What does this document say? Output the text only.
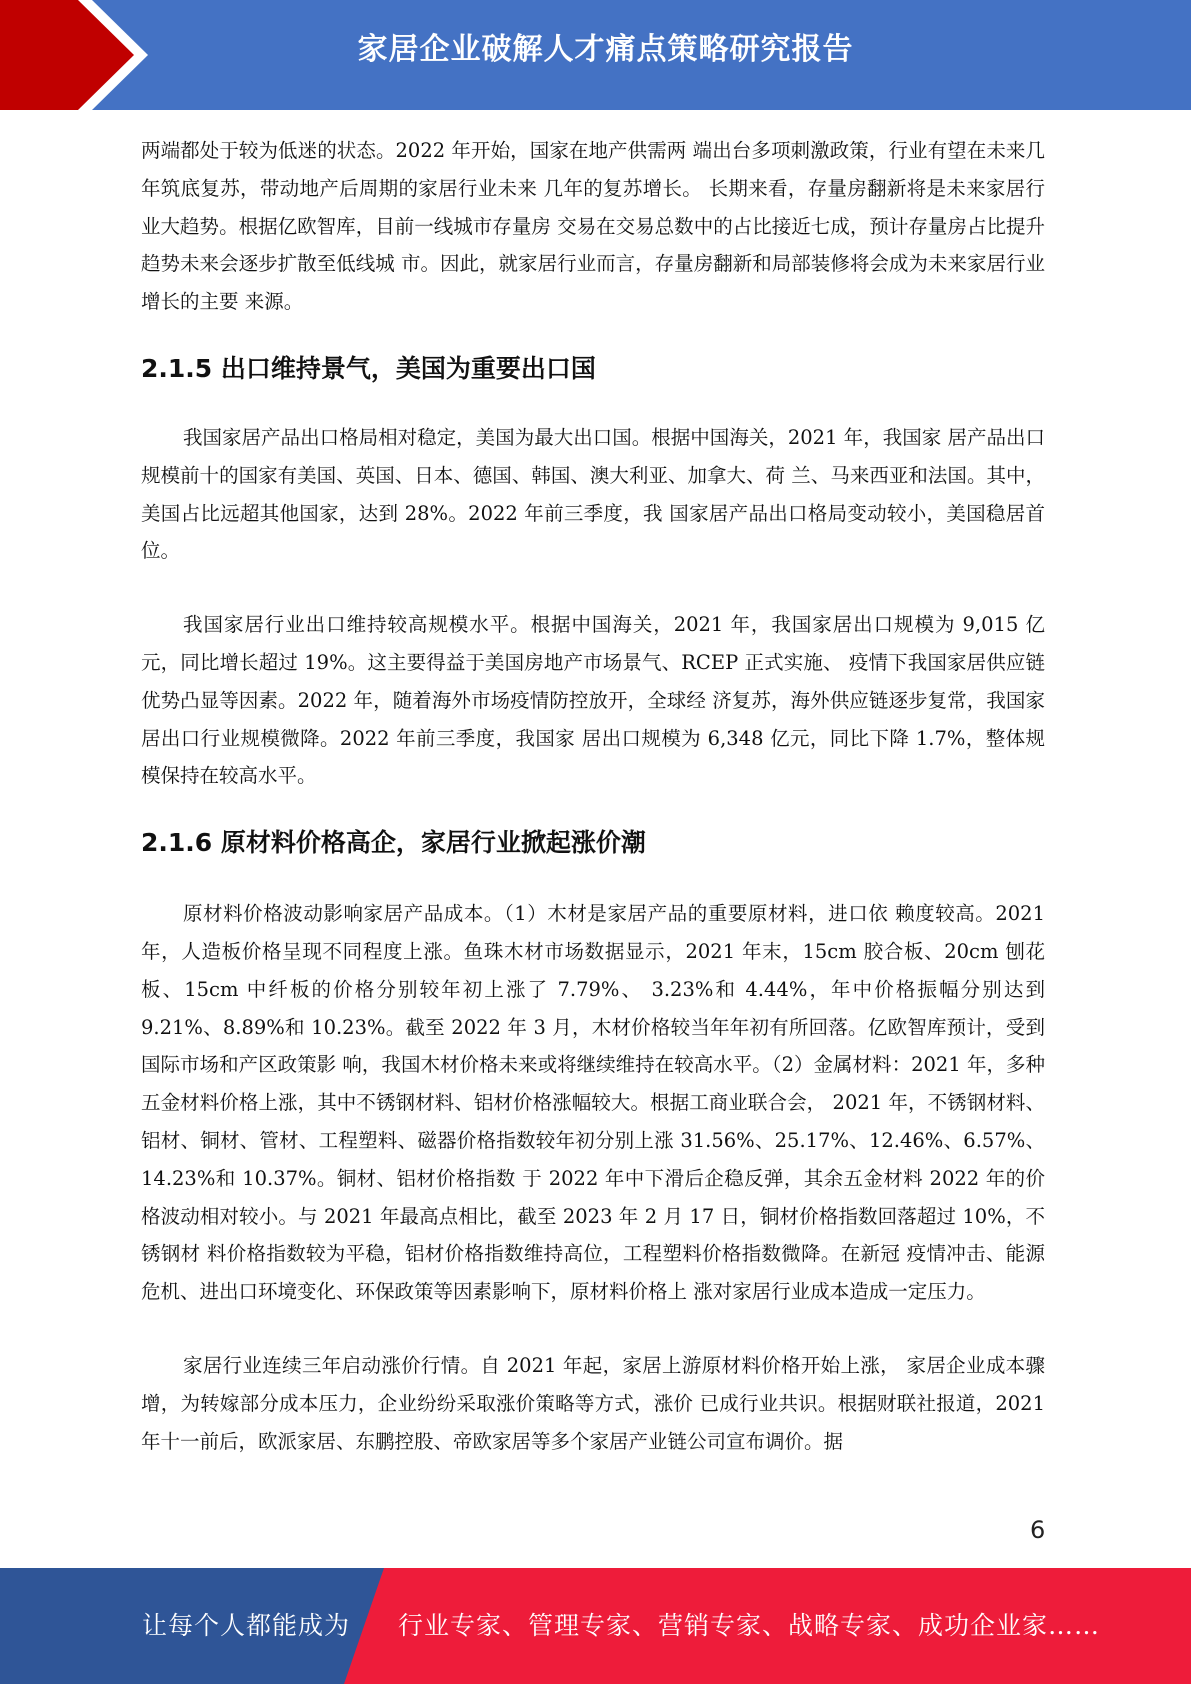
家居企业破解人才痛点策略研究报告

两端都处于较为低迷的状态。2022 年开始，国家在地产供需两 端出台多项刺激政策，行业有望在未来几年筑底复苏，带动地产后周期的家居行业未来 几年的复苏增长。 长期来看，存量房翻新将是未来家居行业大趋势。根据亿欧智库，目前一线城市存量房 交易在交易总数中的占比接近七成，预计存量房占比提升趋势未来会逐步扩散至低线城 市。因此，就家居行业而言，存量房翻新和局部装修将会成为未来家居行业增长的主要 来源。

2.1.5 出口维持景气，美国为重要出口国

我国家居产品出口格局相对稳定，美国为最大出口国。根据中国海关，2021 年，我国家 居产品出口规模前十的国家有美国、英国、日本、德国、韩国、澳大利亚、加拿大、荷 兰、马来西亚和法国。其中，美国占比远超其他国家，达到 28%。2022 年前三季度，我 国家居产品出口格局变动较小，美国稳居首位。

我国家居行业出口维持较高规模水平。根据中国海关，2021 年，我国家居出口规模为 9,015 亿元，同比增长超过 19%。这主要得益于美国房地产市场景气、RCEP 正式实施、 疫情下我国家居供应链优势凸显等因素。2022 年，随着海外市场疫情防控放开，全球经 济复苏，海外供应链逐步复常，我国家居出口行业规模微降。2022 年前三季度，我国家 居出口规模为 6,348 亿元，同比下降 1.7%，整体规模保持在较高水平。

2.1.6 原材料价格高企，家居行业掀起涨价潮

原材料价格波动影响家居产品成本。（1）木材是家居产品的重要原材料，进口依 赖度较高。2021 年，人造板价格呈现不同程度上涨。鱼珠木材市场数据显示，2021 年末，15cm 胶合板、20cm 刨花板、15cm 中纤板的价格分别较年初上涨了 7.79%、 3.23%和 4.44%，年中价格振幅分别达到 9.21%、8.89%和 10.23%。截至 2022 年 3 月，木材价格较当年年初有所回落。亿欧智库预计，受到国际市场和产区政策影 响，我国木材价格未来或将继续维持在较高水平。（2）金属材料：2021 年，多种 五金材料价格上涨，其中不锈钢材料、铝材价格涨幅较大。根据工商业联合会， 2021 年，不锈钢材料、铝材、铜材、管材、工程塑料、磁器价格指数较年初分别上涨 31.56%、25.17%、12.46%、6.57%、14.23%和 10.37%。铜材、铝材价格指数 于 2022 年中下滑后企稳反弹，其余五金材料 2022 年的价格波动相对较小。与 2021 年最高点相比，截至 2023 年 2 月 17 日，铜材价格指数回落超过 10%，不锈钢材 料价格指数较为平稳，铝材价格指数维持高位，工程塑料价格指数微降。在新冠 疫情冲击、能源危机、进出口环境变化、环保政策等因素影响下，原材料价格上 涨对家居行业成本造成一定压力。

家居行业连续三年启动涨价行情。自 2021 年起，家居上游原材料价格开始上涨， 家居企业成本骤增，为转嫁部分成本压力，企业纷纷采取涨价策略等方式，涨价 已成行业共识。根据财联社报道，2021 年十一前后，欧派家居、东鹏控股、帝欧家居等多个家居产业链公司宣布调价。据

6
让每个人都能成为 行业专家、管理专家、营销专家、战略专家、成功企业家……
